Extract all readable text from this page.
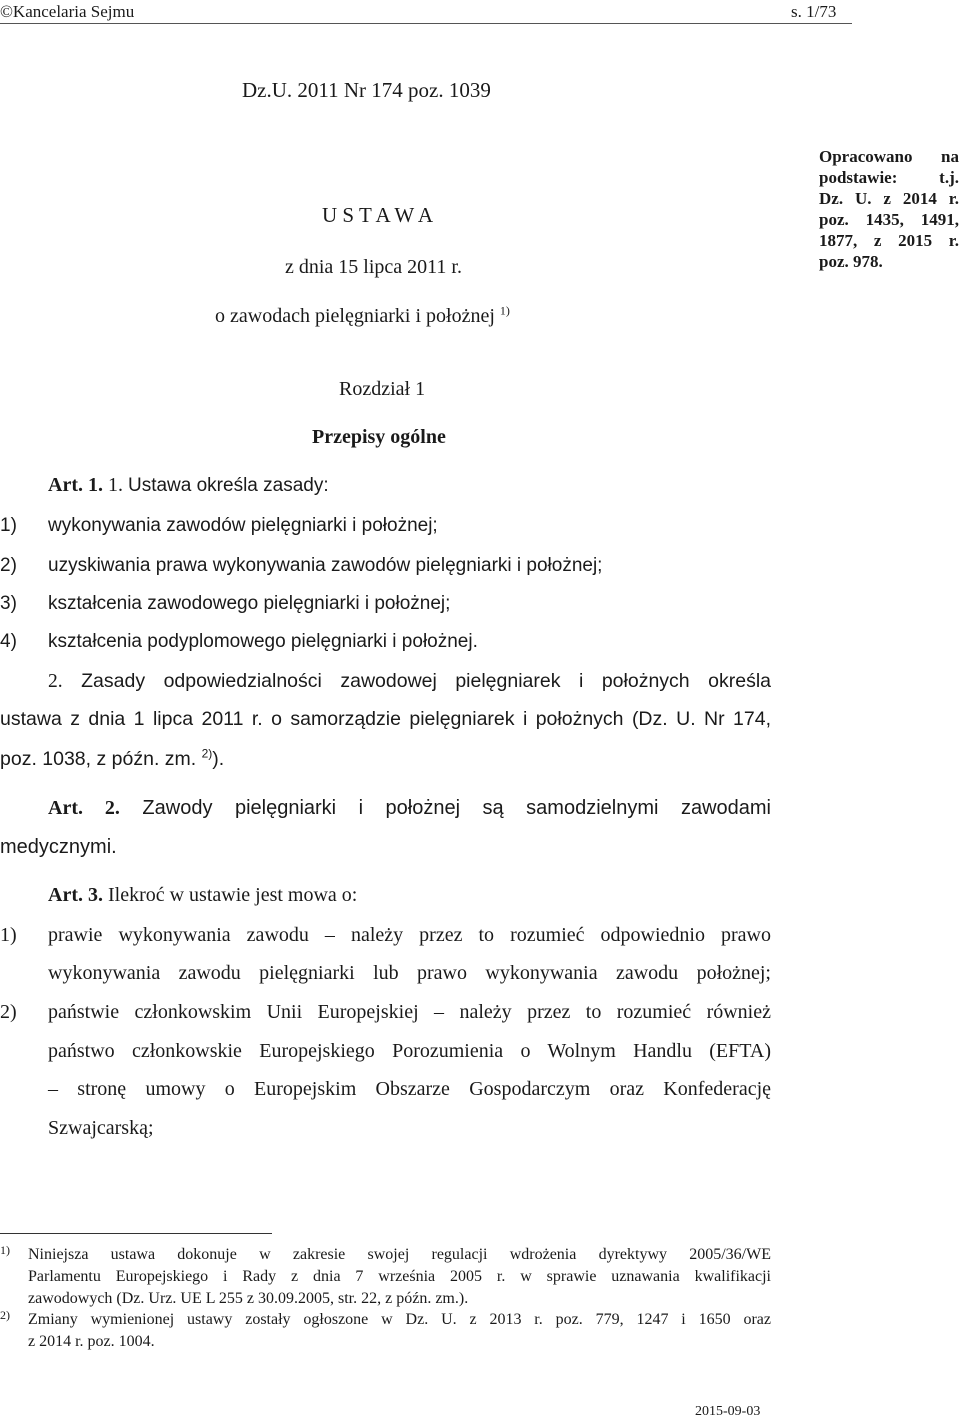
©Kancelaria Sejmu	s. 1/73
Dz.U. 2011 Nr 174 poz. 1039
U S T A W A
z dnia 15 lipca 2011 r.
o zawodach pielęgniarki i położnej $^{1)}$
Opracowano na
podstawie: t.j.
Dz. U. z 2014 r.
poz. 1435, 1491,
1877, z 2015 r.
poz. 978.
Rozdział 1
Przepisy ogólne
Art. 1. 1. Ustawa określa zasady:
1) wykonywania zawodów pielęgniarki i położnej;
2) uzyskiwania prawa wykonywania zawodów pielęgniarki i położnej;
3) kształcenia zawodowego pielęgniarki i położnej;
4) kształcenia podyplomowego pielęgniarki i położnej.
2. Zasady odpowiedzialności zawodowej pielęgniarek i położnych określa
ustawa z dnia 1 lipca 2011 r. o samorządzie pielęgniarek i położnych (Dz. U. Nr 174,
poz. 1038, z późn. zm. $^{2)}$).
Art. 2. Zawody pielęgniarki i położnej są samodzielnymi zawodami
medycznymi.
Art. 3. Ilekroć w ustawie jest mowa o:
1) prawie wykonywania zawodu – należy przez to rozumieć odpowiednio prawo
wykonywania zawodu pielęgniarki lub prawo wykonywania zawodu położnej;
2) państwie członkowskim Unii Europejskiej – należy przez to rozumieć również
państwo członkowskie Europejskiego Porozumienia o Wolnym Handlu (EFTA)
– stronę umowy o Europejskim Obszarze Gospodarczym oraz Konfederację
Szwajcarską;
1) Niniejsza ustawa dokonuje w zakresie swojej regulacji wdrożenia dyrektywy 2005/36/WE
Parlamentu Europejskiego i Rady z dnia 7 września 2005 r. w sprawie uznawania kwalifikacji
zawodowych (Dz. Urz. UE L 255 z 30.09.2005, str. 22, z późn. zm.).
2) Zmiany wymienionej ustawy zostały ogłoszone w Dz. U. z 2013 r. poz. 779, 1247 i 1650 oraz
z 2014 r. poz. 1004.
2015-09-03
